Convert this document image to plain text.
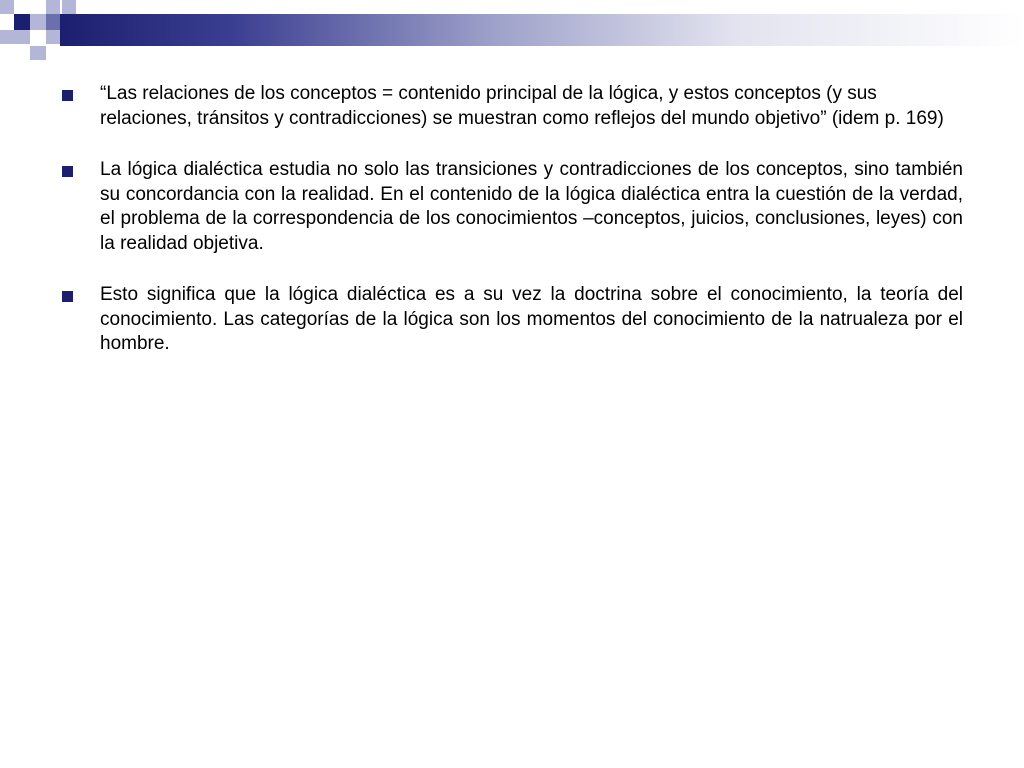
“Las relaciones de los conceptos = contenido principal de la lógica, y estos conceptos (y sus relaciones, tránsitos y contradicciones) se muestran como reflejos del mundo objetivo” (idem p. 169)
La lógica dialéctica estudia no solo las transiciones y contradicciones de los conceptos, sino también su concordancia con la realidad. En el contenido de la lógica dialéctica entra la cuestión de la verdad, el problema de la correspondencia de los conocimientos –conceptos, juicios, conclusiones, leyes) con la realidad objetiva.
Esto significa que la lógica dialéctica es a su vez la doctrina sobre el conocimiento, la teoría del conocimiento. Las categorías de la lógica son los momentos del conocimiento de la natrualeza por el hombre.
